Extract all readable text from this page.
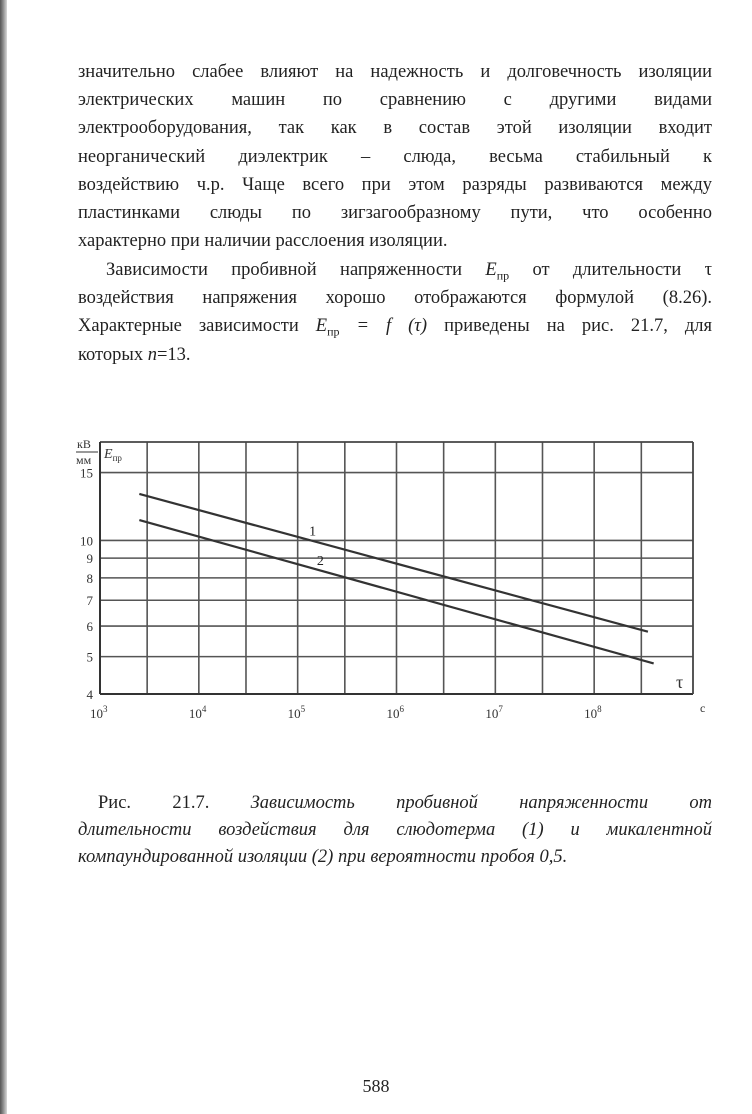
значительно слабее влияют на надежность и долговечность изоляции
электрических машин по сравнению с другими видами
электрооборудования, так как в состав этой изоляции входит
неорганический диэлектрик – слюда, весьма стабильный к
воздействию ч.р. Чаще всего при этом разряды развиваются между
пластинками слюды по зигзагообразному пути, что особенно
характерно при наличии расслоения изоляции.
Зависимости пробивной напряженности $E_{пр}$ от длительности τ
воздействия напряжения хорошо отображаются формулой (8.26).
Характерные зависимости $E_{пр} = f$ (τ) приведены на рис. 21.7, для
которых n=13.
1
2
4
5
6
7
8
9
10
15
$10^3$	$10^4$	$10^5$	$10^6$	$10^7$	$10^8$
кВ
мм $E_{пр}$
τ
с
Рис. 21.7. Зависимость пробивной напряженности от
длительности воздействия для слюдотерма (1) и микалентной
компаундированной изоляции (2) при вероятности пробоя 0,5.
588
